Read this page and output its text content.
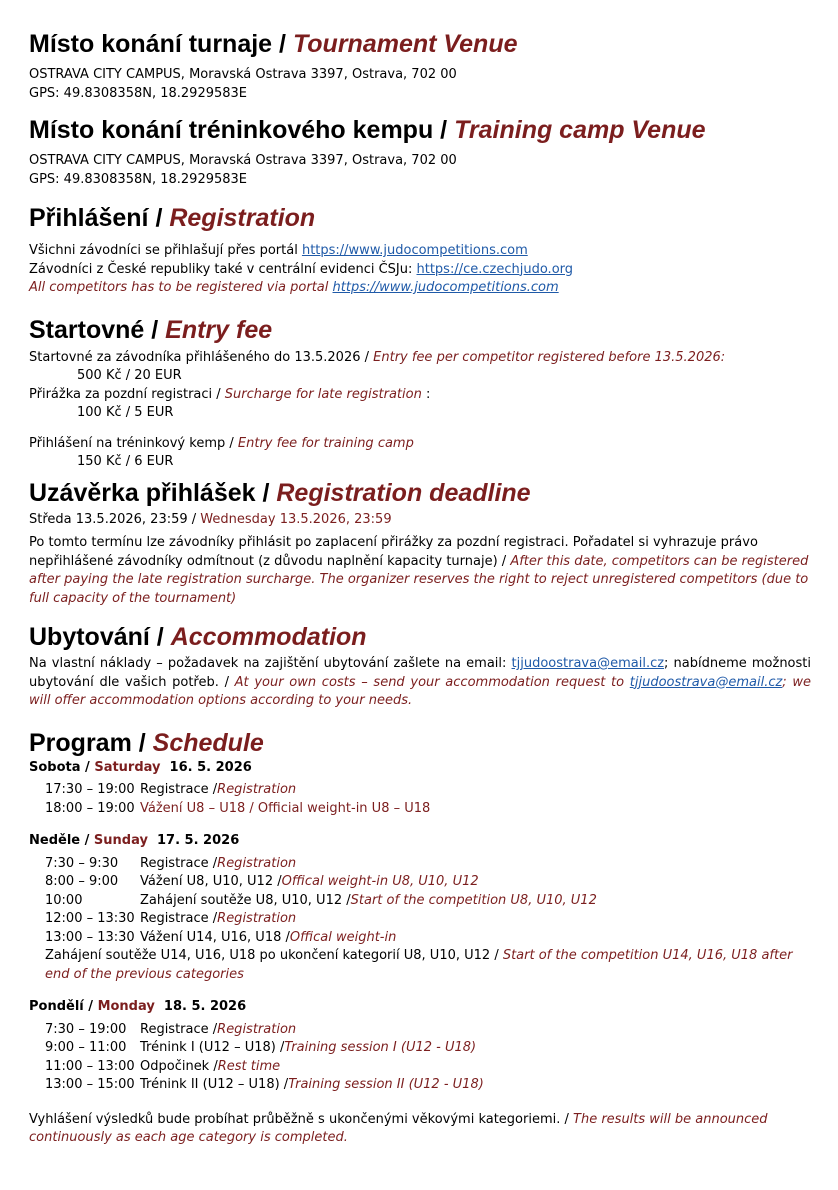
Místo konání turnaje / Tournament Venue

OSTRAVA CITY CAMPUS, Moravská Ostrava 3397, Ostrava, 702 00

GPS: 49.8308358N, 18.2929583E

Místo konání tréninkového kempu / Training camp Venue

OSTRAVA CITY CAMPUS, Moravská Ostrava 3397, Ostrava, 702 00

GPS: 49.8308358N, 18.2929583E

Přihlášení / Registration

Všichni závodníci se přihlašují přes portál https://www.judocompetitions.com

Závodníci z České republiky také v centrální evidenci ČSJu: https://ce.czechjudo.org

All competitors has to be registered via portal https://www.judocompetitions.com

Startovné / Entry fee

Startovné za závodníka přihlášeného do 13.5.2026 / Entry fee per competitor registered before 13.5.2026:

500 Kč / 20 EUR

Přirážka za pozdní registraci / Surcharge for late registration :

100 Kč / 5 EUR

Přihlášení na tréninkový kemp / Entry fee for training camp

150 Kč / 6 EUR

Uzávěrka přihlášek / Registration deadline

Středa 13.5.2026, 23:59 / Wednesday 13.5.2026, 23:59

Po tomto termínu lze závodníky přihlásit po zaplacení přirážky za pozdní registraci. Pořadatel si vyhrazuje právo nepřihlášené závodníky odmítnout (z důvodu naplnění kapacity turnaje) / After this date, competitors can be registered after paying the late registration surcharge. The organizer reserves the right to reject unregistered competitors (due to full capacity of the tournament)

Ubytování / Accommodation

Na vlastní náklady – požadavek na zajištění ubytování zašlete na email: tjjudoostrava@email.cz; nabídneme možnosti ubytování dle vašich potřeb. / At your own costs – send your accommodation request to tjjudoostrava@email.cz; we will offer accommodation options according to your needs.

Program / Schedule
Sobota / Saturday  16. 5. 2026
17:30 – 19:00 Registrace / Registration
18:00 – 19:00 Vážení U8 – U18 / Official weight-in U8 – U18
Neděle / Sunday  17. 5. 2026
7:30 – 9:30	Registrace / Registration
8:00 – 9:00	Vážení U8, U10, U12 / Offical weight-in U8, U10, U12
10:00	Zahájení soutěže U8, U10, U12 / Start of the competition U8, U10, U12
12:00 – 13:30 Registrace / Registration
13:00 – 13:30 Vážení U14, U16, U18 / Offical weight-in

Zahájení soutěže U14, U16, U18 po ukončení kategorií U8, U10, U12 / Start of the competition U14, U16, U18 after end of the previous categories

Pondělí / Monday  18. 5. 2026
7:30 – 19:00	Registrace / Registration
9:00 – 11:00	Trénink I (U12 – U18) / Training session I (U12 - U18)
11:00 – 13:00 Odpočinek / Rest time
13:00 – 15:00 Trénink II (U12 – U18) / Training session II (U12 - U18)

Vyhlášení výsledků bude probíhat průběžně s ukončenými věkovými kategoriemi. / The results will be announced continuously as each age category is completed.
